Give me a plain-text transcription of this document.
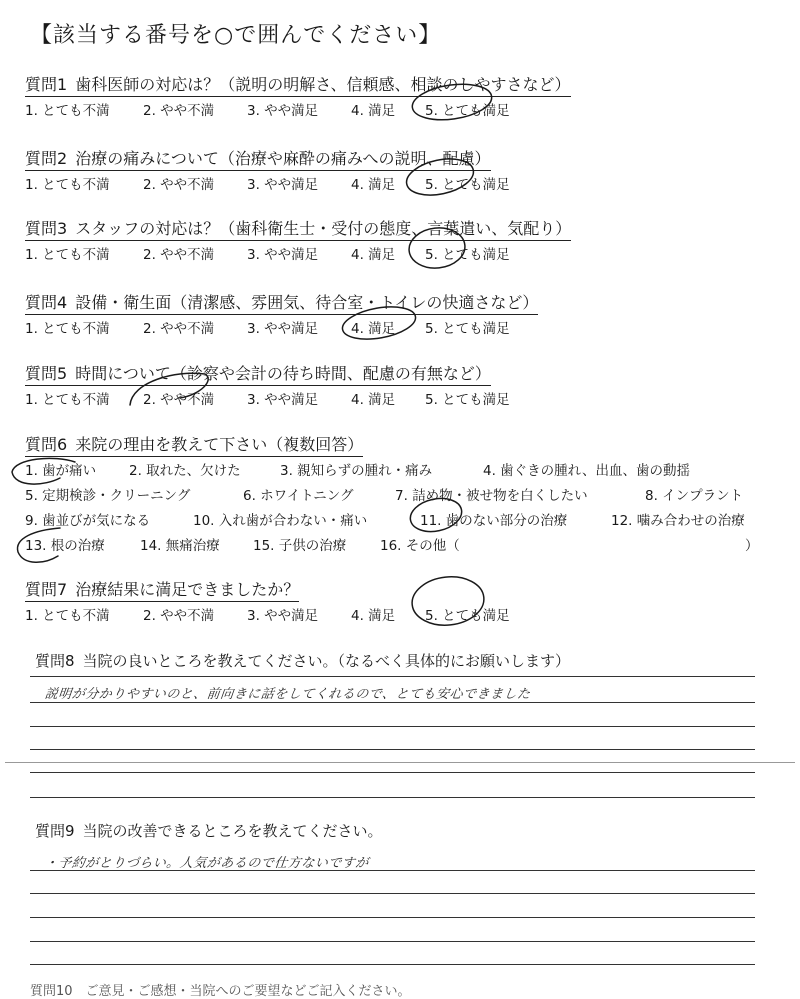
【該当する番号を○で囲んでください】
質問1 歯科医師の対応は？（説明の明解さ、信頼感、相談のしやすさなど）
1. とても不満 2. やや不満 3. やや満足 4. 満足 5. とても満足
質問2 治療の痛みについて（治療や麻酔の痛みへの説明、配慮）
1. とても不満 2. やや不満 3. やや満足 4. 満足 5. とても満足
質問3 スタッフの対応は？（歯科衛生士・受付の態度、言葉遣い、気配り）
1. とても不満 2. やや不満 3. やや満足 4. 満足 5. とても満足
質問4 設備・衛生面（清潔感、雰囲気、待合室・トイレの快適さなど）
1. とても不満 2. やや不満 3. やや満足 4. 満足 5. とても満足
質問5 時間について（診察や会計の待ち時間、配慮の有無など）
1. とても不満 2. やや不満 3. やや満足 4. 満足 5. とても満足
質問6 来院の理由を教えて下さい（複数回答）
1. 歯が痛い 2. 取れた、欠けた	3. 親知らずの腫れ・痛み	4. 歯ぐきの腫れ、出血、歯の動揺
5. 定期検診・クリーニング	6. ホワイトニング	7. 詰め物・被せ物を白くしたい	8. インプラント
9. 歯並びが気になる	10. 入れ歯が合わない・痛い	11. 歯のない部分の治療	12. 噛み合わせの治療
13. 根の治療	14. 無痛治療 15. 子供の治療 16. その他（	）
質問7 治療結果に満足できましたか？
1. とても不満 2. やや不満 3. やや満足 4. 満足 5. とても満足
質問8 当院の良いところを教えてください。（なるべく具体的にお願いします）
説明が分かりやすいのと、前向きに話をしてくれるので、とても安心できました
質問9 当院の改善できるところを教えてください。
・予約がとりづらい。人気があるので仕方ないですが
質問10　ご意見・ご感想・当院へのご要望などご記入ください。
